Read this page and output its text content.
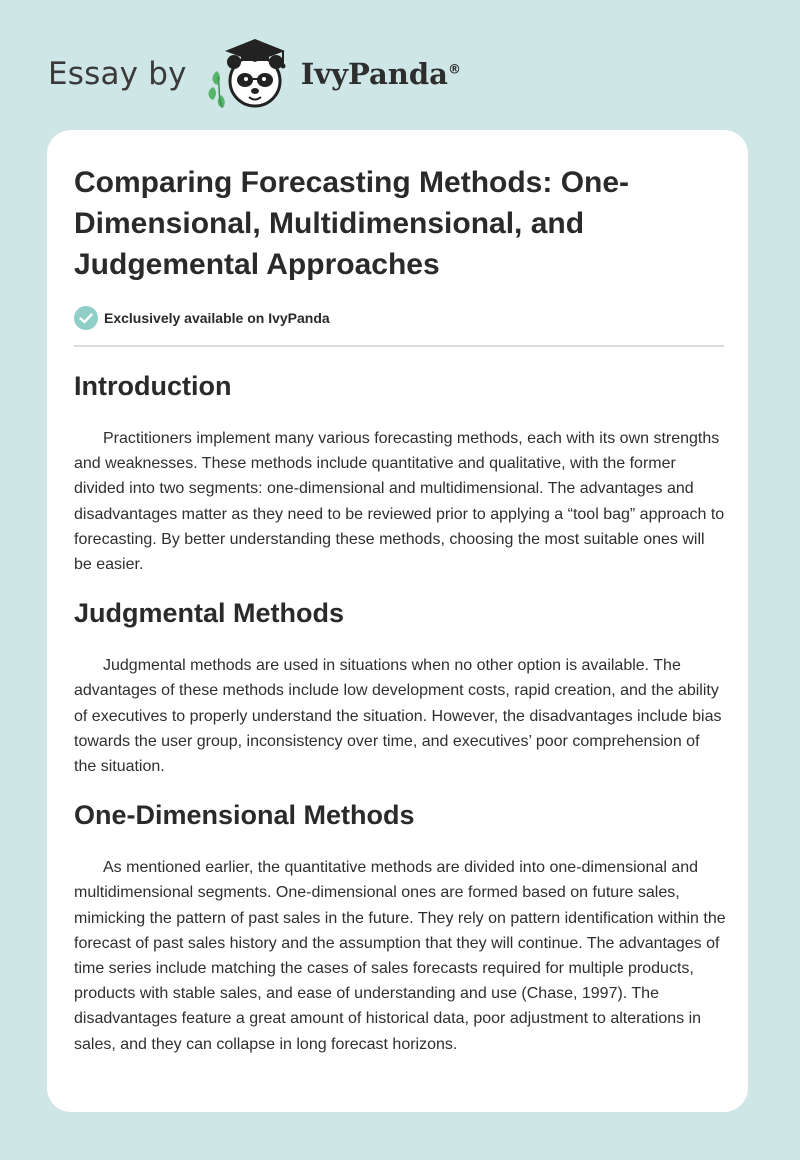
Essay by	IvyPanda®
Comparing Forecasting Methods: One-Dimensional, Multidimensional, and Judgemental Approaches
Exclusively available on IvyPanda
Introduction

Practitioners implement many various forecasting methods, each with its own strengths and weaknesses. These methods include quantitative and qualitative, with the former divided into two segments: one-dimensional and multidimensional. The advantages and disadvantages matter as they need to be reviewed prior to applying a “tool bag” approach to forecasting. By better understanding these methods, choosing the most suitable ones will be easier.

Judgmental Methods

Judgmental methods are used in situations when no other option is available. The advantages of these methods include low development costs, rapid creation, and the ability of executives to properly understand the situation. However, the disadvantages include bias towards the user group, inconsistency over time, and executives’ poor comprehension of the situation.

One-Dimensional Methods

As mentioned earlier, the quantitative methods are divided into one-dimensional and multidimensional segments. One-dimensional ones are formed based on future sales, mimicking the pattern of past sales in the future. They rely on pattern identification within the forecast of past sales history and the assumption that they will continue. The advantages of time series include matching the cases of sales forecasts required for multiple products, products with stable sales, and ease of understanding and use (Chase, 1997). The disadvantages feature a great amount of historical data, poor adjustment to alterations in sales, and they can collapse in long forecast horizons.
